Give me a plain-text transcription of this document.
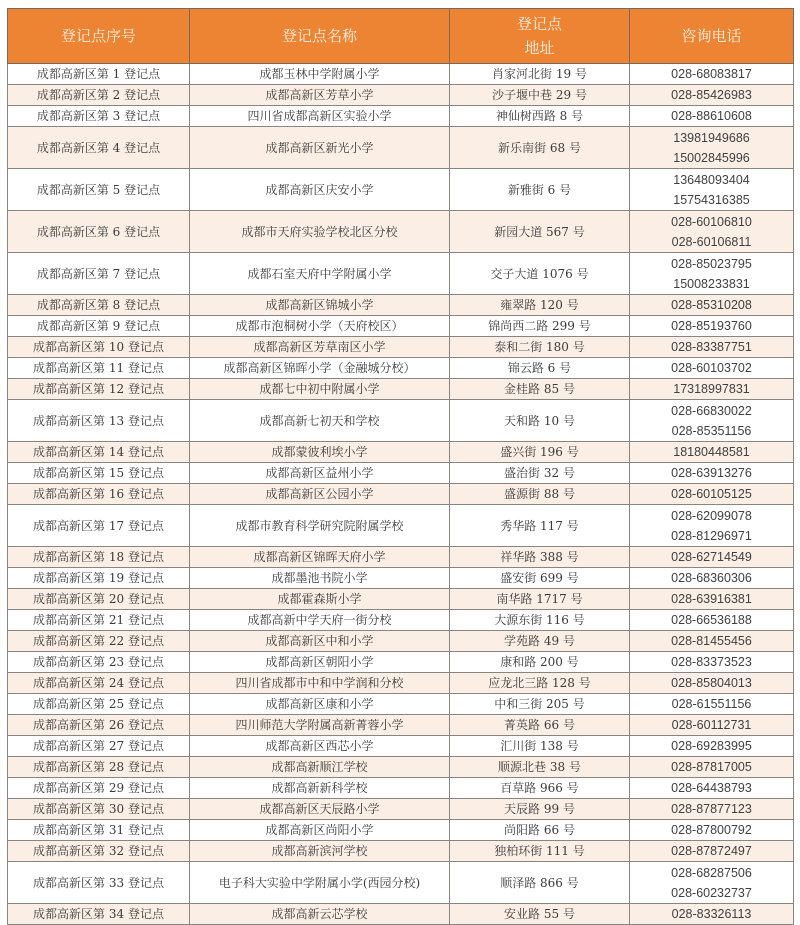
登记点序号	登记点名称	登记点
地址	咨询电话
成都高新区第 1 登记点	成都玉林中学附属小学	肖家河北街 19 号	028-68083817

成都高新区第 2 登记点	成都高新区芳草小学	沙子堰中巷 29 号	028-85426983

成都高新区第 3 登记点	四川省成都高新区实验小学	神仙树西路 8 号	028-88610608

成都高新区第 4 登记点	成都高新区新光小学	新乐南街 68 号	13981949686
15002845996

成都高新区第 5 登记点	成都高新区庆安小学	新雅街 6 号	13648093404
15754316385

成都高新区第 6 登记点	成都市天府实验学校北区分校	新园大道 567 号	028-60106810
028-60106811

成都高新区第 7 登记点	成都石室天府中学附属小学	交子大道 1076 号	028-85023795
15008233831

成都高新区第 8 登记点	成都高新区锦城小学	雍翠路 120 号	028-85310208

成都高新区第 9 登记点	成都市泡桐树小学（天府校区）	锦尚西二路 299 号	028-85193760

成都高新区第 10 登记点	成都高新区芳草南区小学	泰和二街 180 号	028-83387751

成都高新区第 11 登记点	成都高新区锦晖小学（金融城分校）	锦云路 6 号	028-60103702

成都高新区第 12 登记点	成都七中初中附属小学	金桂路 85 号	17318997831

成都高新区第 13 登记点	成都高新七初天和学校	天和路 10 号	028-66830022
028-85351156

成都高新区第 14 登记点	成都蒙彼利埃小学	盛兴街 196 号	18180448581

成都高新区第 15 登记点	成都高新区益州小学	盛治街 32 号	028-63913276

成都高新区第 16 登记点	成都高新区公园小学	盛源街 88 号	028-60105125

成都高新区第 17 登记点	成都市教育科学研究院附属学校	秀华路 117 号	028-62099078
028-81296971

成都高新区第 18 登记点	成都高新区锦晖天府小学	祥华路 388 号	028-62714549

成都高新区第 19 登记点	成都墨池书院小学	盛安街 699 号	028-68360306

成都高新区第 20 登记点	成都霍森斯小学	南华路 1717 号	028-63916381

成都高新区第 21 登记点	成都高新中学天府一街分校	大源东街 116 号	028-66536188

成都高新区第 22 登记点	成都高新区中和小学	学苑路 49 号	028-81455456

成都高新区第 23 登记点	成都高新区朝阳小学	康和路 200 号	028-83373523

成都高新区第 24 登记点	四川省成都市中和中学润和分校	应龙北三路 128 号	028-85804013

成都高新区第 25 登记点	成都高新区康和小学	中和三街 205 号	028-61551156

成都高新区第 26 登记点	四川师范大学附属高新菁蓉小学	菁英路 66 号	028-60112731

成都高新区第 27 登记点	成都高新区西芯小学	汇川街 138 号	028-69283995

成都高新区第 28 登记点	成都高新顺江学校	顺源北巷 38 号	028-87817005

成都高新区第 29 登记点	成都高新新科学校	百草路 966 号	028-64438793

成都高新区第 30 登记点	成都高新区天辰路小学	天辰路 99 号	028-87877123

成都高新区第 31 登记点	成都高新区尚阳小学	尚阳路 66 号	028-87800792

成都高新区第 32 登记点	成都高新滨河学校	独柏环街 111 号	028-87872497

成都高新区第 33 登记点	电子科大实验中学附属小学(西园分校)	顺泽路 866 号	028-68287506
028-60232737

成都高新区第 34 登记点	成都高新云芯学校	安业路 55 号	028-83326113
